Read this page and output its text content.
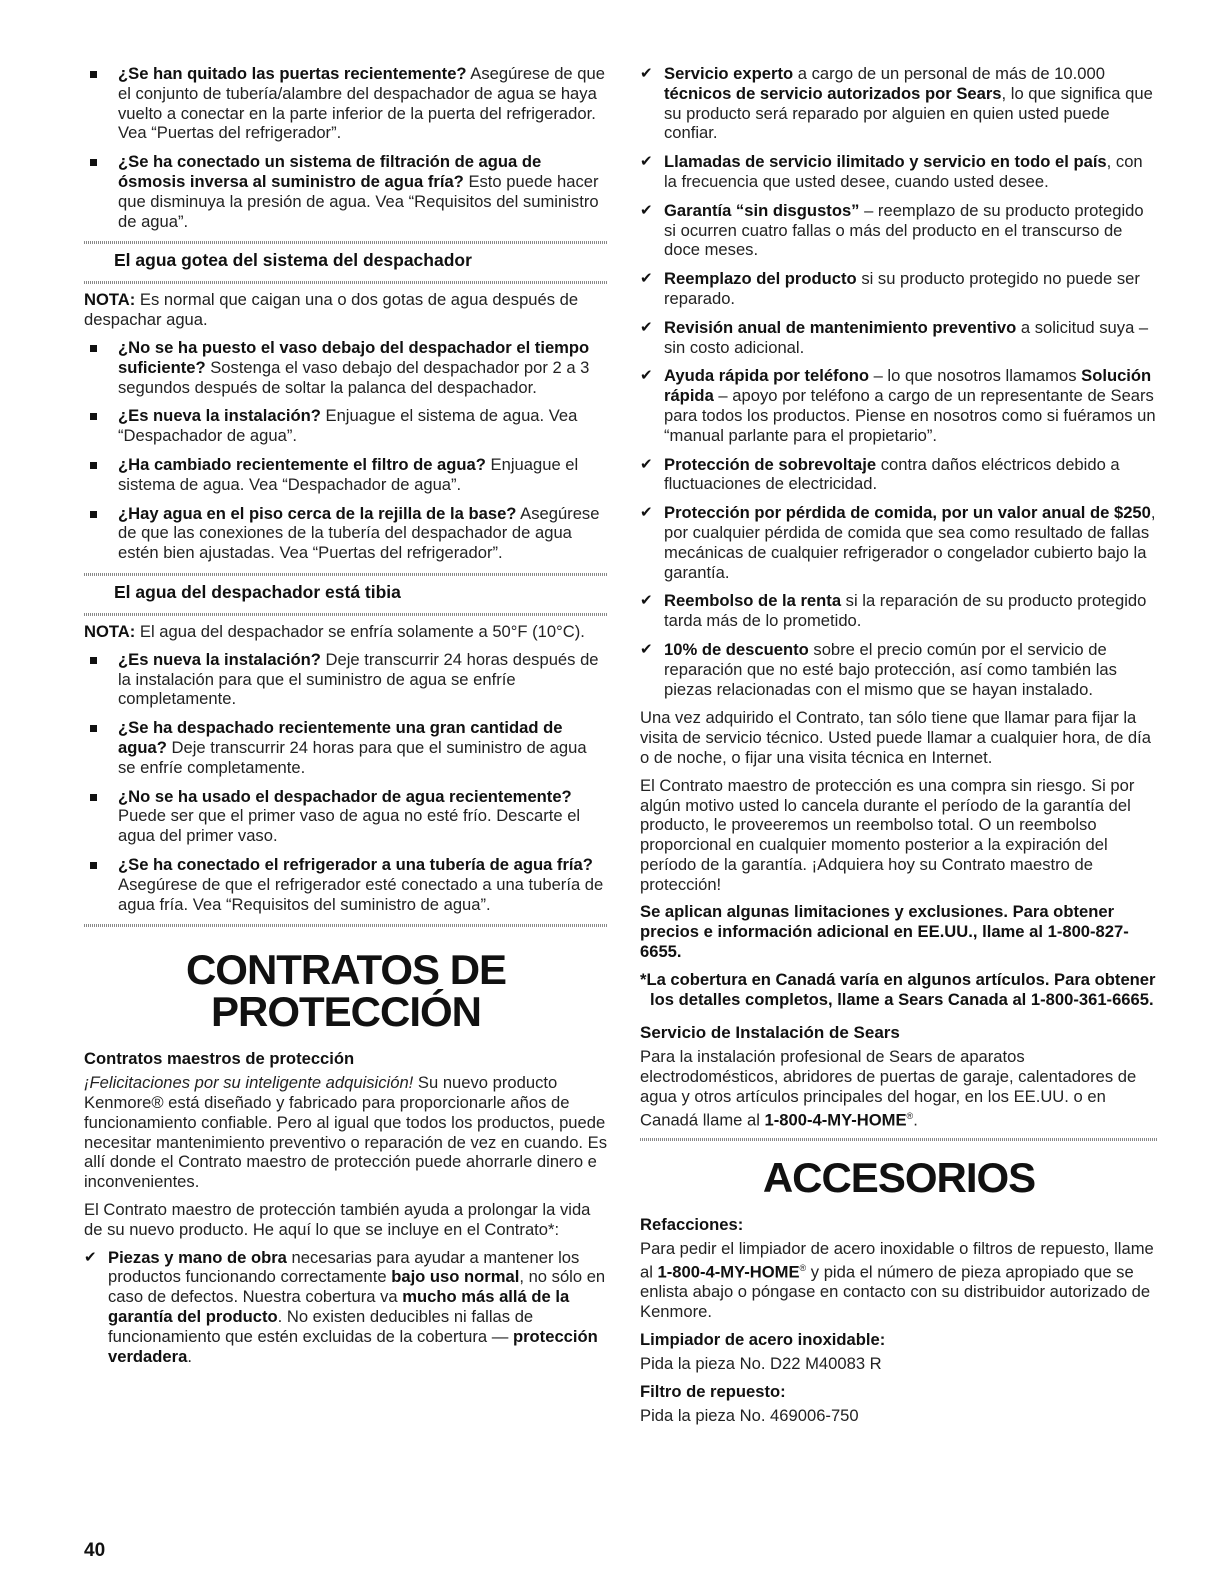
¿Se han quitado las puertas recientemente? Asegúrese de que el conjunto de tubería/alambre del despachador de agua se haya vuelto a conectar en la parte inferior de la puerta del refrigerador. Vea “Puertas del refrigerador”.
¿Se ha conectado un sistema de filtración de agua de ósmosis inversa al suministro de agua fría? Esto puede hacer que disminuya la presión de agua. Vea “Requisitos del suministro de agua”.
El agua gotea del sistema del despachador

NOTA: Es normal que caigan una o dos gotas de agua después de despachar agua.

¿No se ha puesto el vaso debajo del despachador el tiempo suficiente? Sostenga el vaso debajo del despachador por 2 a 3 segundos después de soltar la palanca del despachador.
¿Es nueva la instalación? Enjuague el sistema de agua. Vea “Despachador de agua”.
¿Ha cambiado recientemente el filtro de agua? Enjuague el sistema de agua. Vea “Despachador de agua”.
¿Hay agua en el piso cerca de la rejilla de la base? Asegúrese de que las conexiones de la tubería del despachador de agua estén bien ajustadas. Vea “Puertas del refrigerador”.
El agua del despachador está tibia

NOTA: El agua del despachador se enfría solamente a 50°F (10°C).

¿Es nueva la instalación? Deje transcurrir 24 horas después de la instalación para que el suministro de agua se enfríe completamente.
¿Se ha despachado recientemente una gran cantidad de agua? Deje transcurrir 24 horas para que el suministro de agua se enfríe completamente.
¿No se ha usado el despachador de agua recientemente? Puede ser que el primer vaso de agua no esté frío. Descarte el agua del primer vaso.
¿Se ha conectado el refrigerador a una tubería de agua fría? Asegúrese de que el refrigerador esté conectado a una tubería de agua fría. Vea “Requisitos del suministro de agua”.
CONTRATOS DE
PROTECCIÓN
Contratos maestros de protección

¡Felicitaciones por su inteligente adquisición! Su nuevo producto Kenmore® está diseñado y fabricado para proporcionarle años de funcionamiento confiable. Pero al igual que todos los productos, puede necesitar mantenimiento preventivo o reparación de vez en cuando. Es allí donde el Contrato maestro de protección puede ahorrarle dinero e inconvenientes.

El Contrato maestro de protección también ayuda a prolongar la vida de su nuevo producto. He aquí lo que se incluye en el Contrato*:

✔ Piezas y mano de obra necesarias para ayudar a mantener los productos funcionando correctamente bajo uso normal, no sólo en caso de defectos. Nuestra cobertura va mucho más allá de la garantía del producto. No existen deducibles ni fallas de funcionamiento que estén excluidas de la cobertura — protección verdadera.
✔ Servicio experto a cargo de un personal de más de 10.000 técnicos de servicio autorizados por Sears, lo que significa que su producto será reparado por alguien en quien usted puede confiar.
✔ Llamadas de servicio ilimitado y servicio en todo el país, con la frecuencia que usted desee, cuando usted desee.
✔ Garantía “sin disgustos” – reemplazo de su producto protegido si ocurren cuatro fallas o más del producto en el transcurso de doce meses.
✔ Reemplazo del producto si su producto protegido no puede ser reparado.
✔ Revisión anual de mantenimiento preventivo a solicitud suya – sin costo adicional.
✔ Ayuda rápida por teléfono – lo que nosotros llamamos Solución rápida – apoyo por teléfono a cargo de un representante de Sears para todos los productos. Piense en nosotros como si fuéramos un “manual parlante para el propietario”.
✔ Protección de sobrevoltaje contra daños eléctricos debido a fluctuaciones de electricidad.
✔ Protección por pérdida de comida, por un valor anual de $250, por cualquier pérdida de comida que sea como resultado de fallas mecánicas de cualquier refrigerador o congelador cubierto bajo la garantía.
✔ Reembolso de la renta si la reparación de su producto protegido tarda más de lo prometido.
✔ 10% de descuento sobre el precio común por el servicio de reparación que no esté bajo protección, así como también las piezas relacionadas con el mismo que se hayan instalado.

Una vez adquirido el Contrato, tan sólo tiene que llamar para fijar la visita de servicio técnico. Usted puede llamar a cualquier hora, de día o de noche, o fijar una visita técnica en Internet.

El Contrato maestro de protección es una compra sin riesgo. Si por algún motivo usted lo cancela durante el período de la garantía del producto, le proveeremos un reembolso total. O un reembolso proporcional en cualquier momento posterior a la expiración del período de la garantía. ¡Adquiera hoy su Contrato maestro de protección!

Se aplican algunas limitaciones y exclusiones. Para obtener precios e información adicional en EE.UU., llame al 1-800-827-6655.

*La cobertura en Canadá varía en algunos artículos. Para obtener los detalles completos, llame a Sears Canada al 1-800-361-6665.

Servicio de Instalación de Sears

Para la instalación profesional de Sears de aparatos electrodomésticos, abridores de puertas de garaje, calentadores de agua y otros artículos principales del hogar, en los EE.UU. o en Canadá llame al 1-800-4-MY-HOME®.

ACCESORIOS
Refacciones:

Para pedir el limpiador de acero inoxidable o filtros de repuesto, llame al 1-800-4-MY-HOME® y pida el número de pieza apropiado que se enlista abajo o póngase en contacto con su distribuidor autorizado de Kenmore.

Limpiador de acero inoxidable:

Pida la pieza No. D22 M40083 R

Filtro de repuesto:

Pida la pieza No. 469006-750

40
